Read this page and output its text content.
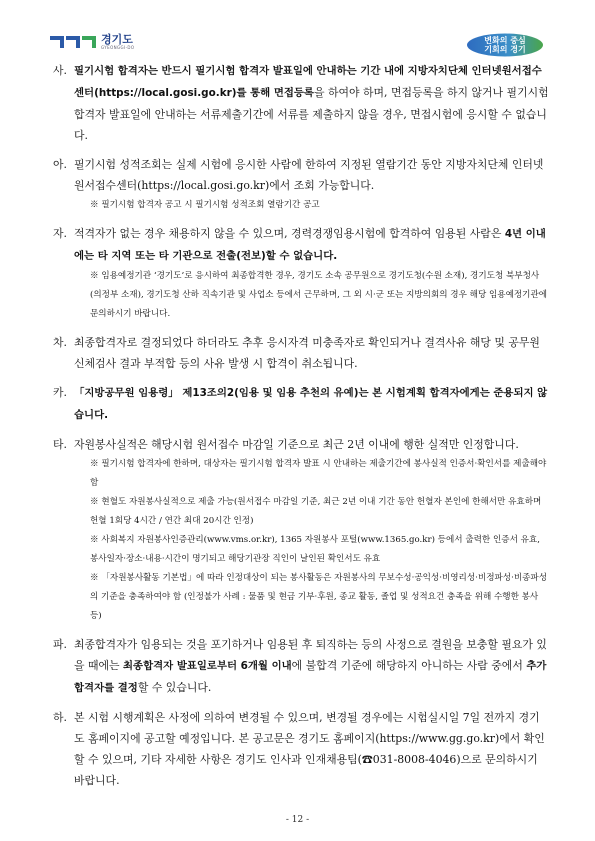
경기도
GYEONGGI-DO
변화의 중심
기회의 경기
사. 필기시험 합격자는 반드시 필기시험 합격자 발표일에 안내하는 기간 내에 지방자치단체 인터넷원서접수센터(https://local.gosi.go.kr)를 통해 면접등록을 하여야 하며, 면접등록을 하지 않거나 필기시험 합격자 발표일에 안내하는 서류제출기간에 서류를 제출하지 않을 경우, 면접시험에 응시할 수 없습니다.
아. 필기시험 성적조회는 실제 시험에 응시한 사람에 한하여 지정된 열람기간 동안 지방자치단체 인터넷원서접수센터(https://local.gosi.go.kr)에서 조회 가능합니다.
※ 필기시험 합격자 공고 시 필기시험 성적조회 열람기간 공고
자. 적격자가 없는 경우 채용하지 않을 수 있으며, 경력경쟁임용시험에 합격하여 임용된 사람은 4년 이내에는 타 지역 또는 타 기관으로 전출(전보)할 수 없습니다.
※ 임용예정기관 ‘경기도’로 응시하여 최종합격한 경우, 경기도 소속 공무원으로 경기도청(수원 소재), 경기도청 북부청사(의정부 소재), 경기도청 산하 직속기관 및 사업소 등에서 근무하며, 그 외 시·군 또는 지방의회의 경우 해당 임용예정기관에 문의하시기 바랍니다.
차. 최종합격자로 결정되었다 하더라도 추후 응시자격 미충족자로 확인되거나 결격사유 해당 및 공무원신체검사 결과 부적합 등의 사유 발생 시 합격이 취소됩니다.
카. 「지방공무원 임용령」 제13조의2(임용 및 임용 추천의 유예)는 본 시험계획 합격자에게는 준용되지 않습니다.
타. 자원봉사실적은 해당시험 원서접수 마감일 기준으로 최근 2년 이내에 행한 실적만 인정합니다.
※ 필기시험 합격자에 한하며, 대상자는 필기시험 합격자 발표 시 안내하는 제출기간에 봉사실적 인증서·확인서를 제출해야 함
※ 현혈도 자원봉사실적으로 제출 가능(원서접수 마감일 기준, 최근 2년 이내 기간 동안 헌혈자 본인에 한해서만 유효하며 헌혈 1회당 4시간 / 연간 최대 20시간 인정)
※ 사회복지 자원봉사인증관리(www.vms.or.kr), 1365 자원봉사 포털(www.1365.go.kr) 등에서 출력한 인증서 유효, 봉사일자·장소·내용·시간이 명기되고 해당기관장 직인이 날인된 확인서도 유효
※ 「자원봉사활동 기본법」에 따라 인정대상이 되는 봉사활동은 자원봉사의 무보수성·공익성·비영리성·비정파성·비종파성의 기준을 충족하여야 함 (인정불가 사례 : 물품 및 현금 기부·후원, 종교 활동, 졸업 및 성적요건 충족을 위해 수행한 봉사 등)
파. 최종합격자가 임용되는 것을 포기하거나 임용된 후 퇴직하는 등의 사정으로 결원을 보충할 필요가 있을 때에는 최종합격자 발표일로부터 6개월 이내에 불합격 기준에 해당하지 아니하는 사람 중에서 추가합격자를 결정할 수 있습니다.
하. 본 시험 시행계획은 사정에 의하여 변경될 수 있으며, 변경될 경우에는 시험실시일 7일 전까지 경기도 홈페이지에 공고할 예정입니다. 본 공고문은 경기도 홈페이지(https://www.gg.go.kr)에서 확인할 수 있으며, 기타 자세한 사항은 경기도 인사과 인재채용팀(☎031-8008-4046)으로 문의하시기 바랍니다.
- 12 -
